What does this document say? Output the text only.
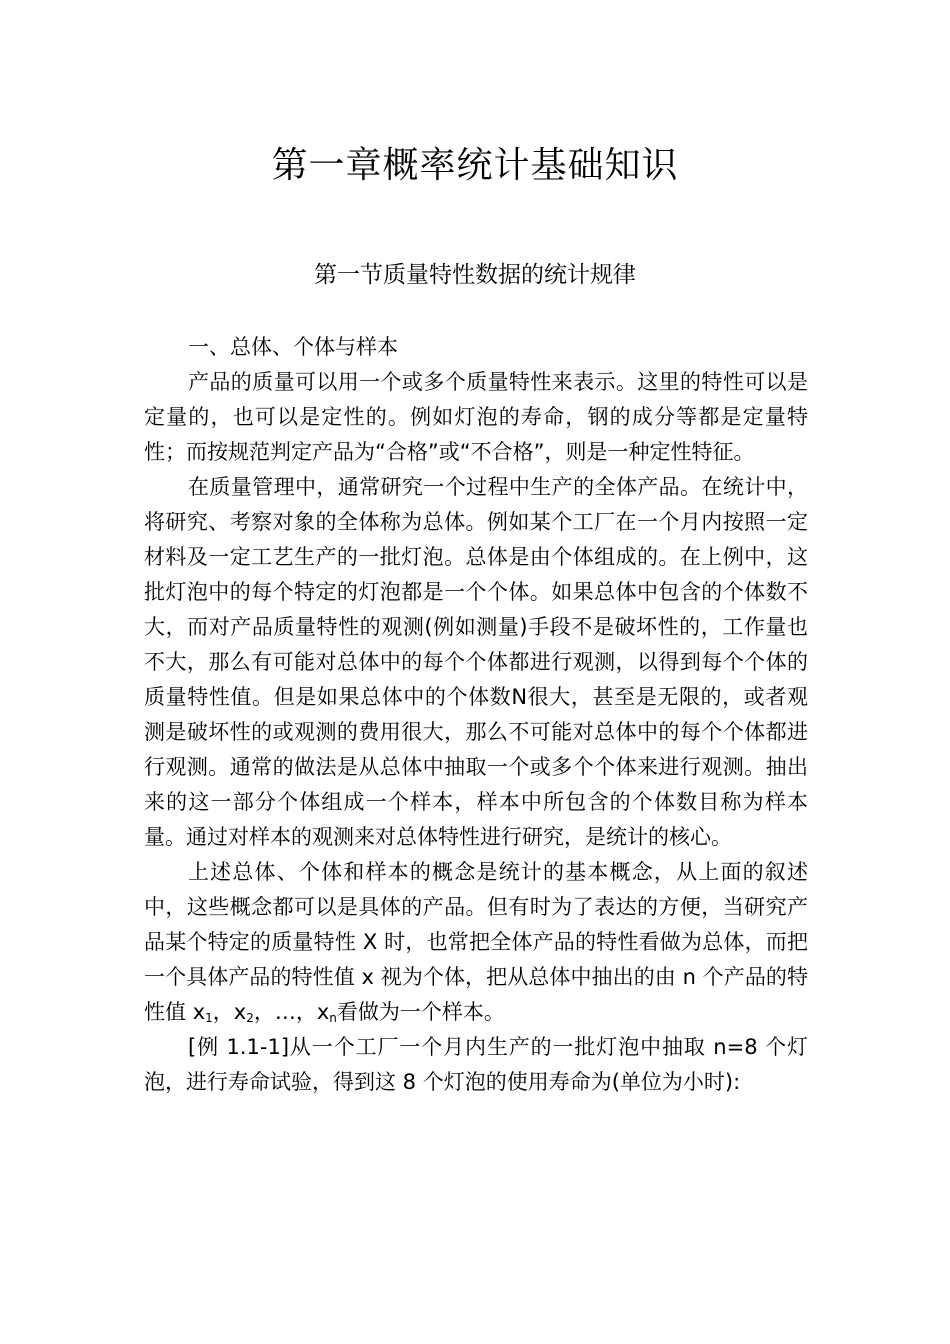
第一章概率统计基础知识
第一节质量特性数据的统计规律

一、总体、个体与样本

产品的质量可以用一个或多个质量特性来表示。这里的特性可以是定量的，也可以是定性的。例如灯泡的寿命，钢的成分等都是定量特性；而按规范判定产品为“合格”或“不合格”，则是一种定性特征。

在质量管理中，通常研究一个过程中生产的全体产品。在统计中，将研究、考察对象的全体称为总体。例如某个工厂在一个月内按照一定材料及一定工艺生产的一批灯泡。总体是由个体组成的。在上例中，这批灯泡中的每个特定的灯泡都是一个个体。如果总体中包含的个体数不大，而对产品质量特性的观测(例如测量)手段不是破坏性的，工作量也不大，那么有可能对总体中的每个个体都进行观测，以得到每个个体的质量特性值。但是如果总体中的个体数N很大，甚至是无限的，或者观测是破坏性的或观测的费用很大，那么不可能对总体中的每个个体都进行观测。通常的做法是从总体中抽取一个或多个个体来进行观测。抽出来的这一部分个体组成一个样本，样本中所包含的个体数目称为样本量。通过对样本的观测来对总体特性进行研究，是统计的核心。

上述总体、个体和样本的概念是统计的基本概念，从上面的叙述中，这些概念都可以是具体的产品。但有时为了表达的方便，当研究产品某个特定的质量特性 X 时，也常把全体产品的特性看做为总体，而把一个具体产品的特性值 x 视为个体，把从总体中抽出的由 n 个产品的特性值 $x_1$，$x_2$，…，$x_n$看做为一个样本。

[例 1.1-1]从一个工厂一个月内生产的一批灯泡中抽取 n=8 个灯泡，进行寿命试验，得到这 8 个灯泡的使用寿命为(单位为小时):
